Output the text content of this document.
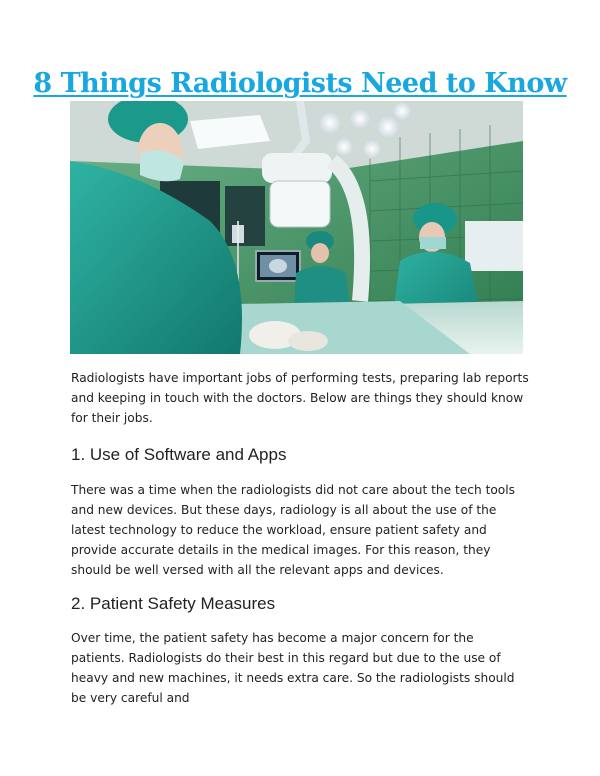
8 Things Radiologists Need to Know

Radiologists have important jobs of performing tests, preparing lab reports and keeping in touch with the doctors. Below are things they should know for their jobs.

1. Use of Software and Apps

There was a time when the radiologists did not care about the tech tools and new devices. But these days, radiology is all about the use of the latest technology to reduce the workload, ensure patient safety and provide accurate details in the medical images. For this reason, they should be well versed with all the relevant apps and devices.

2. Patient Safety Measures

Over time, the patient safety has become a major concern for the patients. Radiologists do their best in this regard but due to the use of heavy and new machines, it needs extra care. So the radiologists should be very careful and
